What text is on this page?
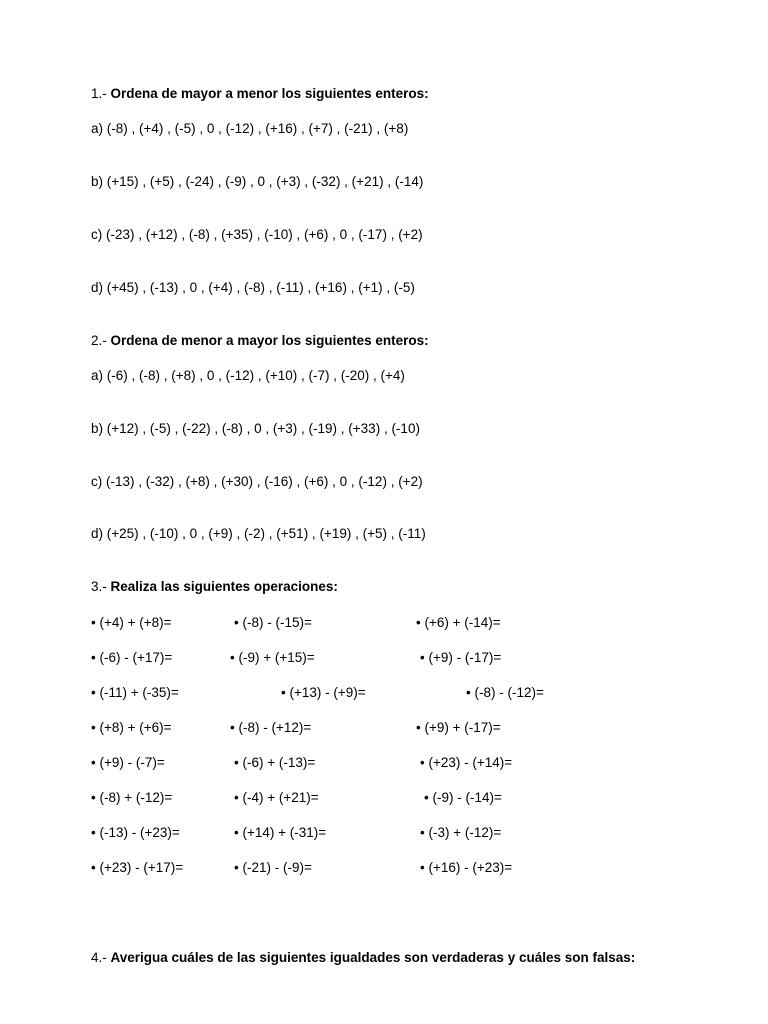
1.- Ordena de mayor a menor los siguientes enteros:
a) (-8) , (+4) , (-5) , 0 , (-12) , (+16) , (+7) , (-21) , (+8)
b) (+15) , (+5) , (-24) , (-9) , 0 , (+3) , (-32) , (+21) , (-14)
c) (-23) , (+12) , (-8) , (+35) , (-10) , (+6) , 0 , (-17) , (+2)
d) (+45) , (-13) , 0 , (+4) , (-8) , (-11) , (+16) , (+1) , (-5)
2.- Ordena de menor a mayor los siguientes enteros:
a) (-6) , (-8) , (+8) , 0 , (-12) , (+10) , (-7) , (-20) , (+4)
b) (+12) , (-5) , (-22) , (-8) , 0 , (+3) , (-19) , (+33) , (-10)
c) (-13) , (-32) , (+8) , (+30) , (-16) , (+6) , 0 , (-12) , (+2)
d) (+25) , (-10) , 0 , (+9) , (-2) , (+51) , (+19) , (+5) , (-11)
3.- Realiza las siguientes operaciones:
• (+4) + (+8)=	• (-8) - (-15)=	• (+6) + (-14)=
• (-6) - (+17)=	• (-9) + (+15)=	• (+9) - (-17)=
• (-11) + (-35)=	• (+13) - (+9)=	• (-8) - (-12)=
• (+8) + (+6)=	• (-8) - (+12)=	• (+9) + (-17)=
• (+9) - (-7)=	• (-6) + (-13)=	• (+23) - (+14)=
• (-8) + (-12)=	• (-4) + (+21)=	• (-9) - (-14)=
• (-13) - (+23)=	• (+14) + (-31)=	• (-3) + (-12)=
• (+23) - (+17)=	• (-21) - (-9)=	• (+16) - (+23)=
4.- Averigua cuáles de las siguientes igualdades son verdaderas y cuáles son falsas:
